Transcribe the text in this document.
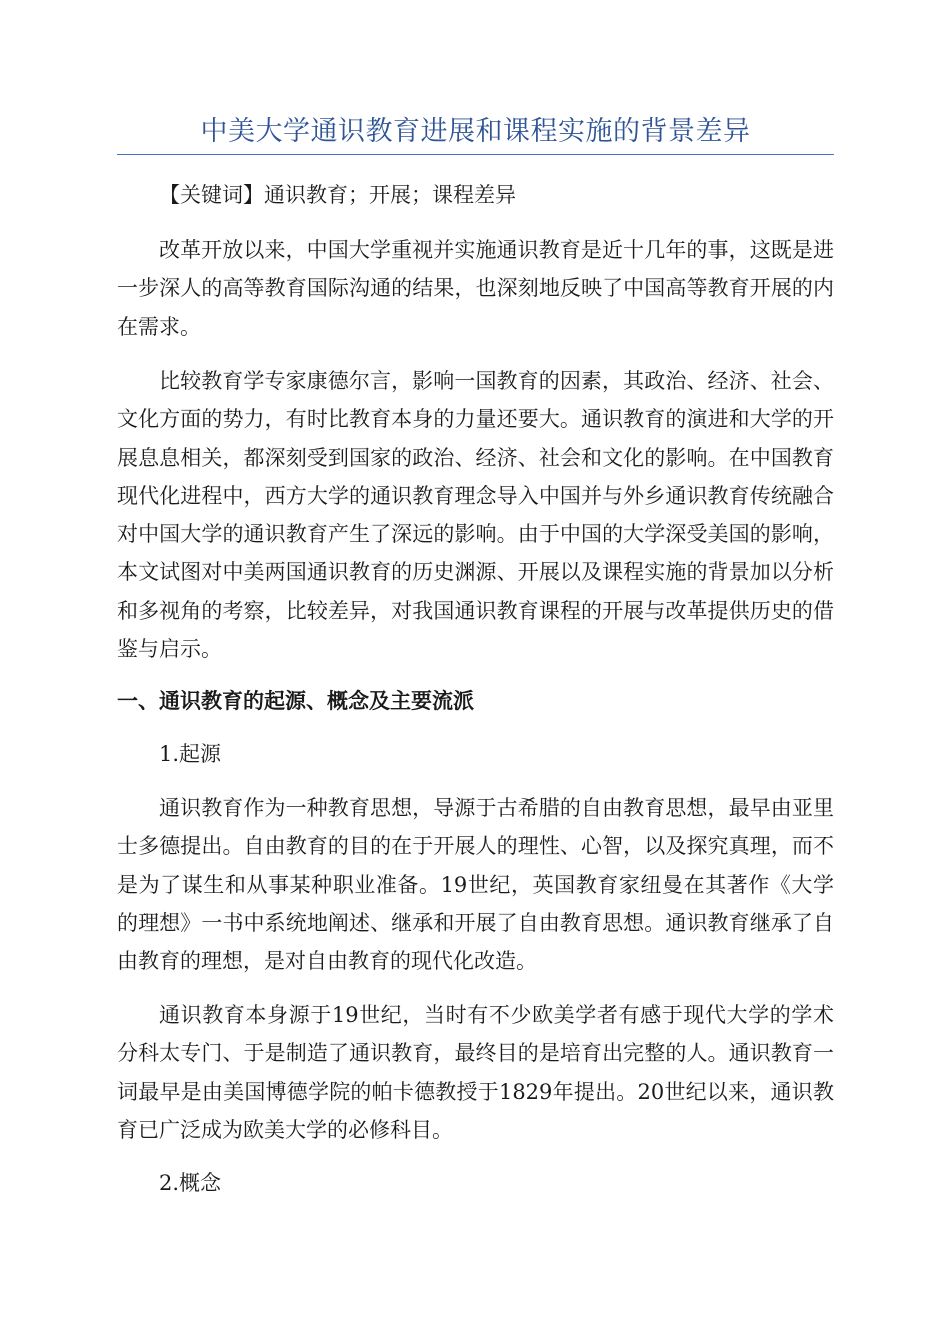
中美大学通识教育进展和课程实施的背景差异

【关键词】通识教育；开展；课程差异

改革开放以来，中国大学重视并实施通识教育是近十几年的事，这既是进一步深人的高等教育国际沟通的结果，也深刻地反映了中国高等教育开展的内在需求。

比较教育学专家康德尔言，影响一国教育的因素，其政治、经济、社会、文化方面的势力，有时比教育本身的力量还要大。通识教育的演进和大学的开展息息相关，都深刻受到国家的政治、经济、社会和文化的影响。在中国教育现代化进程中，西方大学的通识教育理念导入中国并与外乡通识教育传统融合对中国大学的通识教育产生了深远的影响。由于中国的大学深受美国的影响，本文试图对中美两国通识教育的历史渊源、开展以及课程实施的背景加以分析和多视角的考察，比较差异，对我国通识教育课程的开展与改革提供历史的借鉴与启示。

一、通识教育的起源、概念及主要流派

1.起源

通识教育作为一种教育思想，导源于古希腊的自由教育思想，最早由亚里士多德提出。自由教育的目的在于开展人的理性、心智，以及探究真理，而不是为了谋生和从事某种职业准备。19世纪，英国教育家纽曼在其著作《大学的理想》一书中系统地阐述、继承和开展了自由教育思想。通识教育继承了自由教育的理想，是对自由教育的现代化改造。

通识教育本身源于19世纪，当时有不少欧美学者有感于现代大学的学术分科太专门、于是制造了通识教育，最终目的是培育出完整的人。通识教育一词最早是由美国博德学院的帕卡德教授于1829年提出。20世纪以来，通识教育已广泛成为欧美大学的必修科目。

2.概念
